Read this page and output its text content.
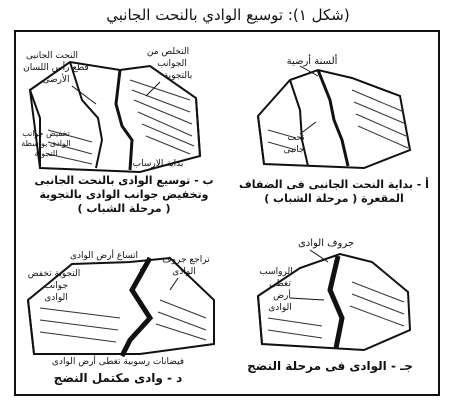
(شكل ١): توسيع الوادي بالنحت الجانبي
النحت الجانبى
قطع رأس اللسان
الأرضى
التخلص من
الجوانب
بالتجوية
تخفيض جوانب
الوادى بواسطة
التجوية
بداية الارساب
ب - توسيع الوادى بالنحت الجانبى
وتخفيض جوانب الوادى بالتجوية
( مرحلة الشباب )
ألسنة أرضية
نحت
جانبى
أ - بداية النحت الجانبى فى الضفاف
المقعرة ( مرحلة الشباب )
اتساع أرض الوادى	تراجع جروف
الوادى
التجوية تخفض
جوانب
الوادى
فيضانات رسوبية تغطى أرض الوادى
د - وادى مكتمل النضج
جروف الوادى
الرواسب
تغطى
أرض
الوادى
جـ - الوادى فى مرحلة النضج
